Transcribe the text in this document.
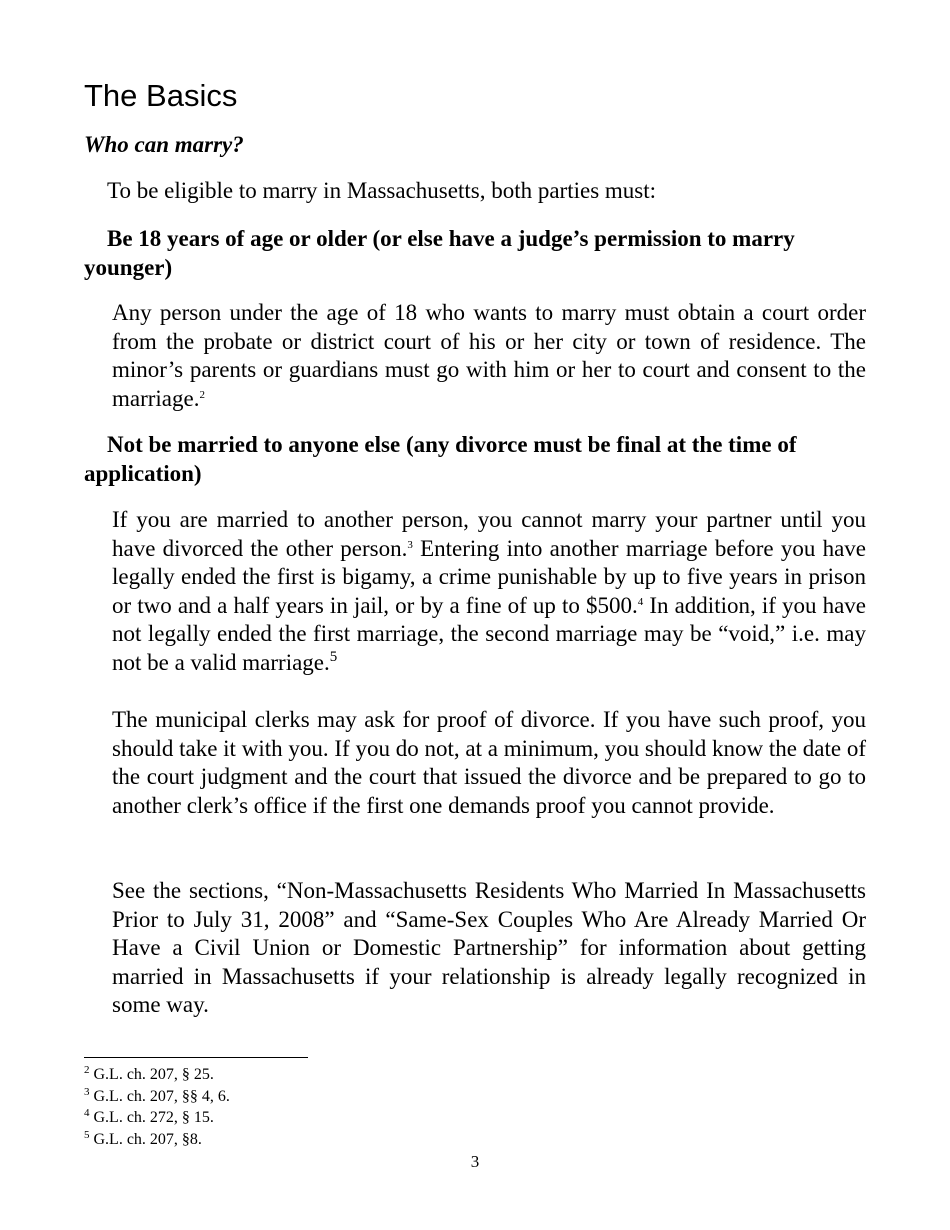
The Basics
Who can marry?

To be eligible to marry in Massachusetts, both parties must:

Be 18 years of age or older (or else have a judge’s permission to marry younger)

Any person under the age of 18 who wants to marry must obtain a court order from the probate or district court of his or her city or town of residence. The minor’s parents or guardians must go with him or her to court and consent to the marriage.$^2$

Not be married to anyone else (any divorce must be final at the time of application)

If you are married to another person, you cannot marry your partner until you have divorced the other person.$^3$ Entering into another marriage before you have legally ended the first is bigamy, a crime punishable by up to five years in prison or two and a half years in jail, or by a fine of up to $500.$^4$ In addition, if you have not legally ended the first marriage, the second marriage may be “void,” i.e. may not be a valid marriage.$^5$

The municipal clerks may ask for proof of divorce. If you have such proof, you should take it with you. If you do not, at a minimum, you should know the date of the court judgment and the court that issued the divorce and be prepared to go to another clerk’s office if the first one demands proof you cannot provide.

See the sections, “Non-Massachusetts Residents Who Married In Massachusetts Prior to July 31, 2008” and “Same-Sex Couples Who Are Already Married Or Have a Civil Union or Domestic Partnership” for information about getting married in Massachusetts if your relationship is already legally recognized in some way.

$^2$ G.L. ch. 207, § 25.
$^3$ G.L. ch. 207, §§ 4, 6.
$^4$ G.L. ch. 272, § 15.
$^5$ G.L. ch. 207, §8.
3
